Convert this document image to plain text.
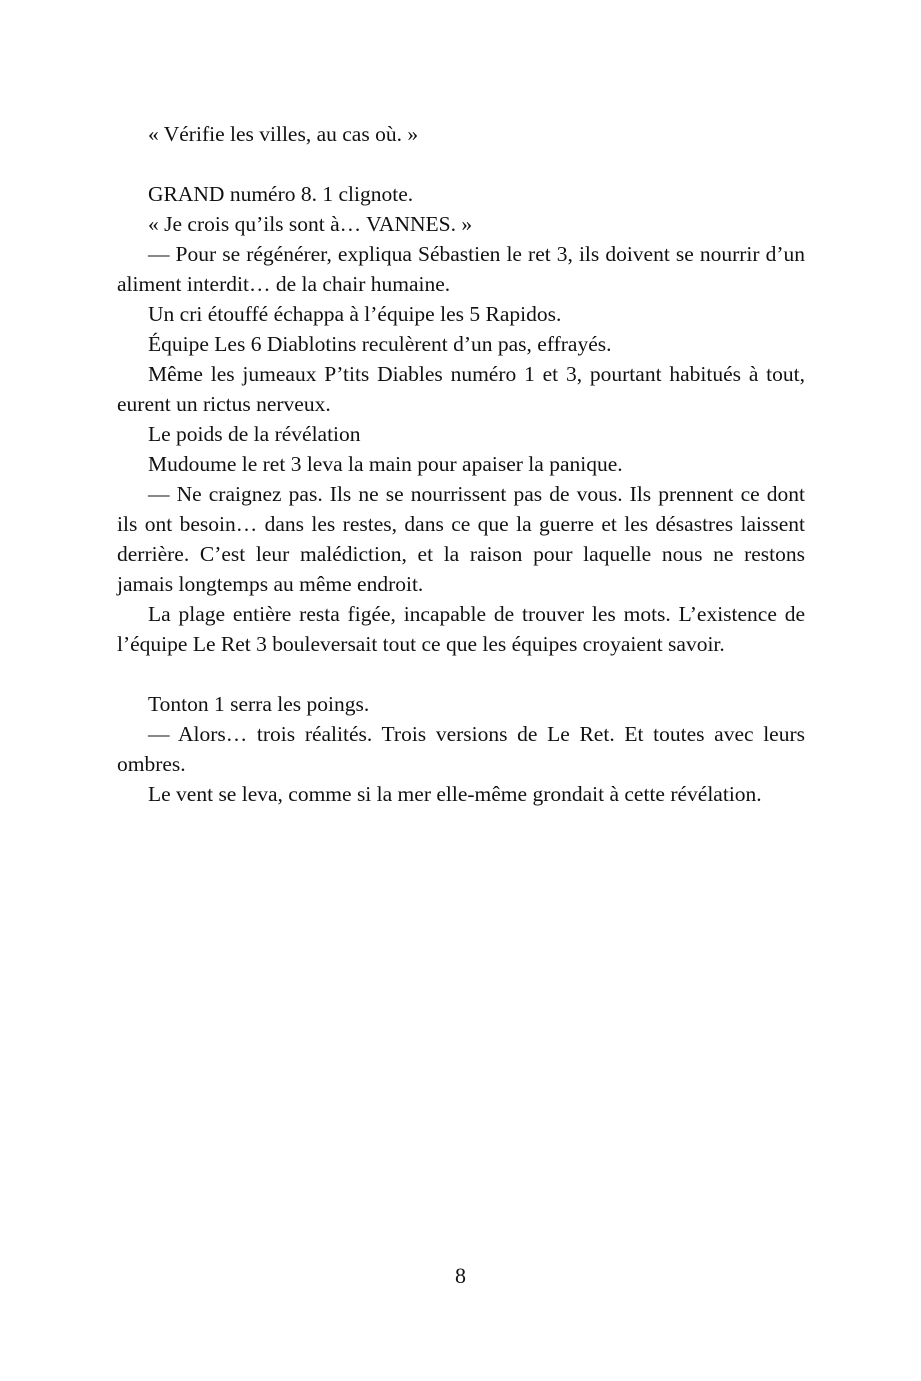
« Vérifie les villes, au cas où. »

GRAND numéro 8. 1 clignote.

« Je crois qu’ils sont à… VANNES. »

— Pour se régénérer, expliqua Sébastien le ret 3, ils doivent se nourrir d’un aliment interdit… de la chair humaine.

Un cri étouffé échappa à l’équipe les 5 Rapidos.

Équipe Les 6 Diablotins reculèrent d’un pas, effrayés.

Même les jumeaux P’tits Diables numéro 1 et 3, pourtant habitués à tout, eurent un rictus nerveux.

Le poids de la révélation

Mudoume le ret 3 leva la main pour apaiser la panique.

— Ne craignez pas. Ils ne se nourrissent pas de vous. Ils prennent ce dont ils ont besoin… dans les restes, dans ce que la guerre et les désastres laissent derrière. C’est leur malédiction, et la raison pour laquelle nous ne restons jamais longtemps au même endroit.

La plage entière resta figée, incapable de trouver les mots. L’existence de l’équipe Le Ret 3 bouleversait tout ce que les équipes croyaient savoir.

Tonton 1 serra les poings.

— Alors… trois réalités. Trois versions de Le Ret. Et toutes avec leurs ombres.

Le vent se leva, comme si la mer elle-même grondait à cette révélation.

8
